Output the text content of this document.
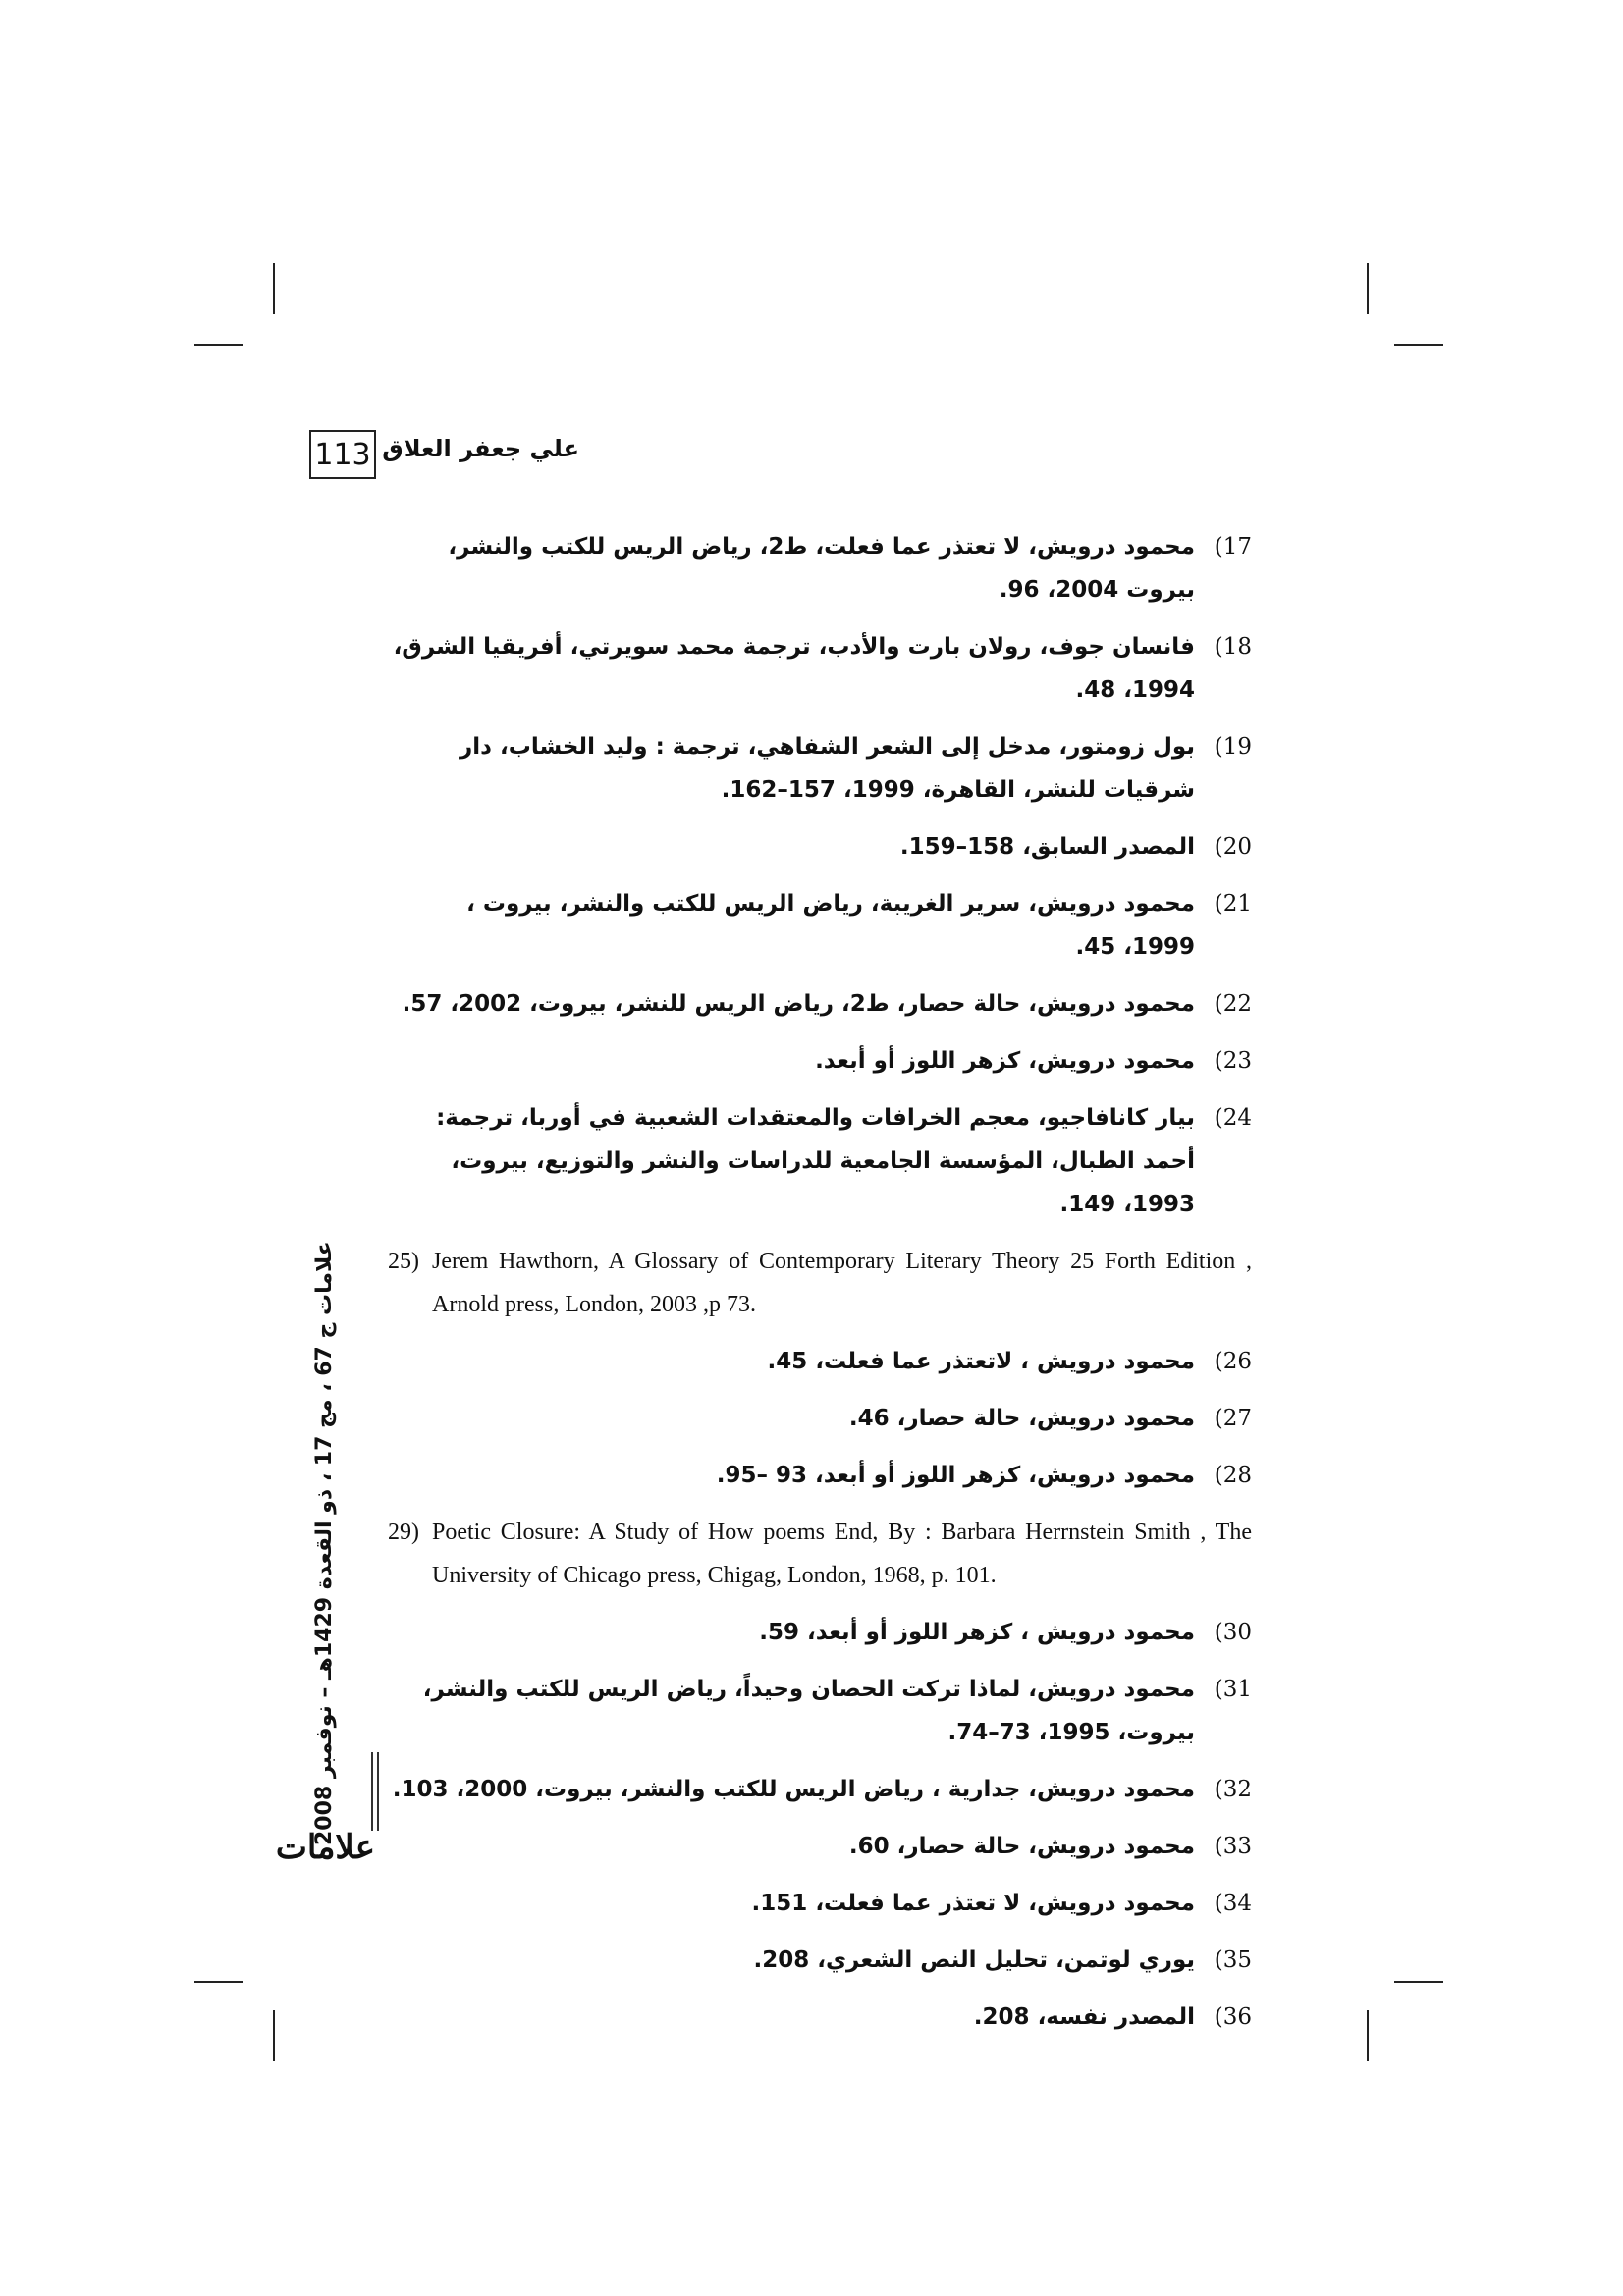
113 علي جعفر العلاق
17)
محمود درويش، لا تعتذر عما فعلت، ط2، رياض الريس للكتب والنشر، بيروت 2004، 96.
18)
فانسان جوف، رولان بارت والأدب، ترجمة محمد سويرتي، أفريقيا الشرق، 1994، 48.
19)
بول زومتور، مدخل إلى الشعر الشفاهي، ترجمة : وليد الخشاب، دار شرقيات للنشر، القاهرة، 1999، 157–162.
20)
المصدر السابق، 158–159.
21)
محمود درويش، سرير الغريبة، رياض الريس للكتب والنشر، بيروت ، 1999، 45.
22)
محمود درويش، حالة حصار، ط2، رياض الريس للنشر، بيروت، 2002، 57.
23)
محمود درويش، كزهر اللوز أو أبعد.
24)
بيار كانافاجيو، معجم الخرافات والمعتقدات الشعبية في أوربا، ترجمة: أحمد الطبال، المؤسسة الجامعية للدراسات والنشر والتوزيع، بيروت، 1993، 149.
25) Jerem Hawthorn, A Glossary of Contemporary Literary Theory 25 Forth Edition , Arnold press, London, 2003 ,p 73.
26)
محمود درويش ، لاتعتذر عما فعلت، 45.
27)
محمود درويش، حالة حصار، 46.
28)
محمود درويش، كزهر اللوز أو أبعد، 93 –95.
29) Poetic Closure: A Study of How poems End, By : Barbara Herrnstein Smith , The University of Chicago press, Chigag, London, 1968, p. 101.
30)
محمود درويش ، كزهر اللوز أو أبعد، 59.
31)
محمود درويش، لماذا تركت الحصان وحيداً، رياض الريس للكتب والنشر، بيروت، 1995، 73–74.
32)
محمود درويش، جدارية ، رياض الريس للكتب والنشر، بيروت، 2000، 103.
33)
محمود درويش، حالة حصار، 60.
34)
محمود درويش، لا تعتذر عما فعلت، 151.
35)
يوري لوتمن، تحليل النص الشعري، 208.
36)
المصدر نفسه، 208.
علامات ج 67 ، مج 17 ، ذو القعدة 1429هـ – نوفمبر 2008
علامات
